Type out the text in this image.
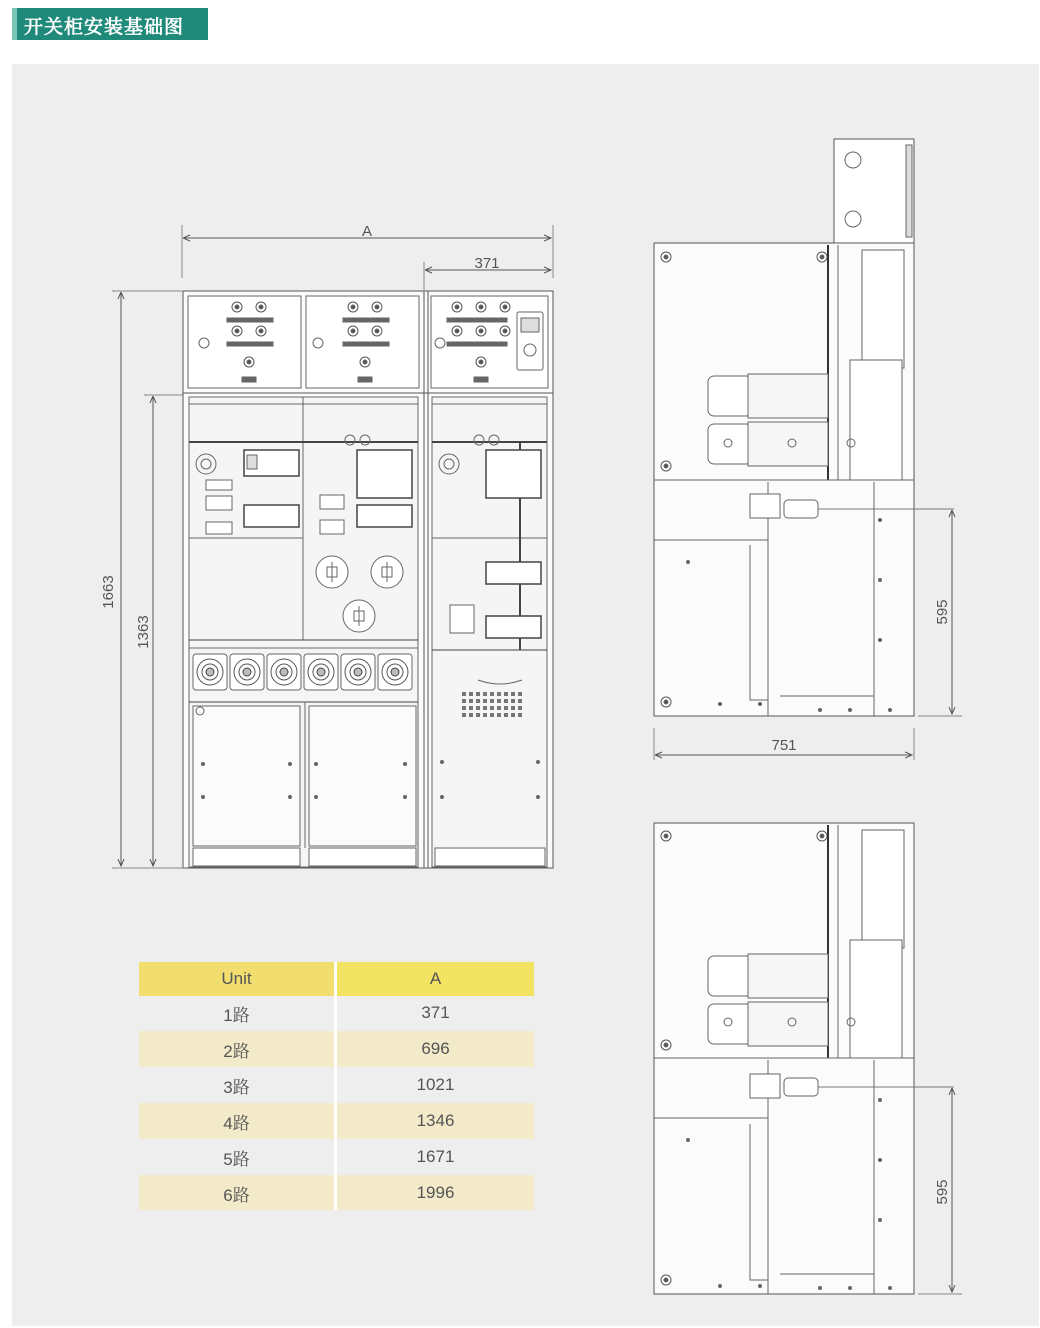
开关柜安装基础图
A
371
1663
1363
751
595
595
Unit	A
1路	371
2路	696
3路	1021
4路	1346
5路	1671
6路	1996
